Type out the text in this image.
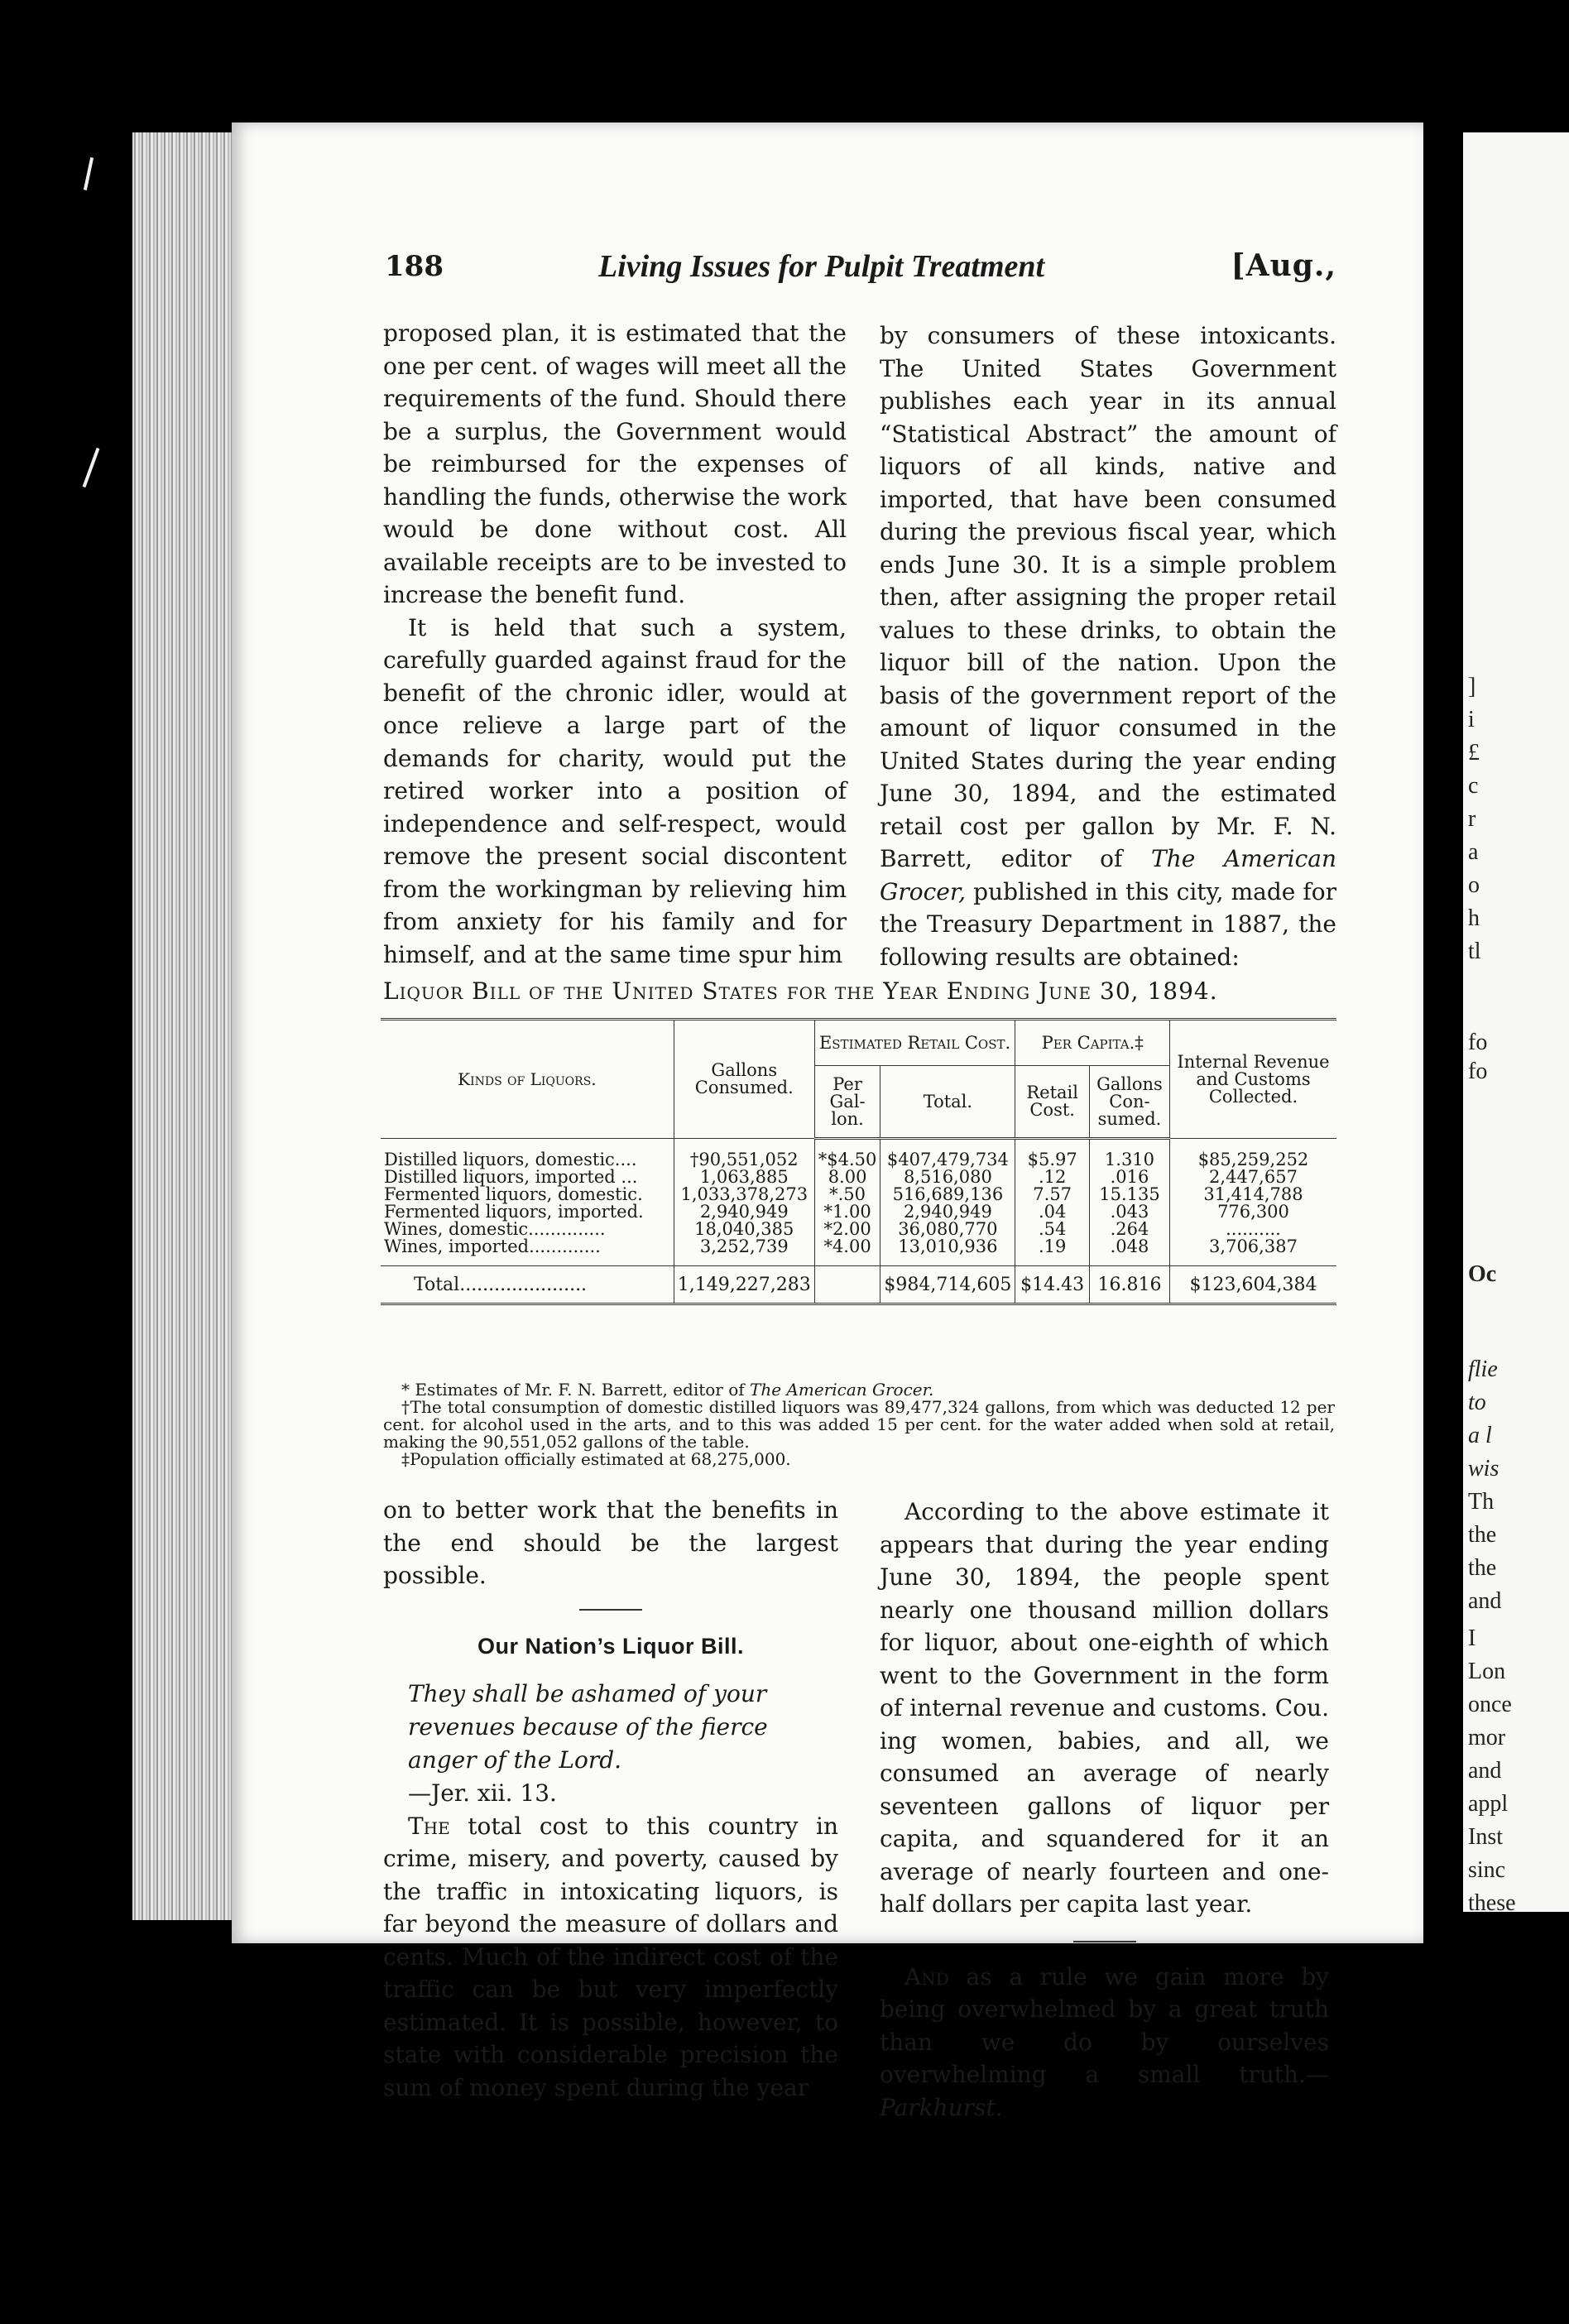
]
i
£
c
r
a
o
h
tl
fo
fo
Oc
flie
to
a l
wis
Th
the
the
and
I
Lon
once
mor
and
appl
Inst
sinc
these
188	Living Issues for Pulpit Treatment	[Aug.,

proposed plan, it is estimated that the one per cent. of wages will meet all the requirements of the fund. Should there be a surplus, the Government would be reimbursed for the expenses of handling the funds, otherwise the work would be done without cost. All available receipts are to be invested to increase the benefit fund.

It is held that such a system, carefully guarded against fraud for the benefit of the chronic idler, would at once relieve a large part of the demands for charity, would put the retired worker into a position of independence and self-respect, would remove the present social discontent from the workingman by relieving him from anxiety for his family and for himself, and at the same time spur him

by consumers of these intoxicants. The United States Government publishes each year in its annual “Statistical Abstract” the amount of liquors of all kinds, native and imported, that have been consumed during the previous fiscal year, which ends June 30. It is a simple problem then, after assigning the proper retail values to these drinks, to obtain the liquor bill of the nation. Upon the basis of the government report of the amount of liquor consumed in the United States during the year ending June 30, 1894, and the estimated retail cost per gallon by Mr. F. N. Barrett, editor of The American Grocer, published in this city, made for the Treasury Department in 1887, the following results are obtained:

Liquor Bill of the United States for the Year Ending June 30, 1894.
Kinds of Liquors.	Gallons Consumed.	Estimated Retail Cost.		Per Capita.‡		Internal Revenue and Customs Collected.
		Per Gal-lon.	Total.	Retail Cost.	Gallons Con-sumed.	
Distilled liquors, domestic....	†90,551,052	*$4.50	$407,479,734	$5.97	1.310	$85,259,252
Distilled liquors, imported ...	1,063,885	8.00	8,516,080	.12	.016	2,447,657
Fermented liquors, domestic.	1,033,378,273	*.50	516,689,136	7.57	15.135	31,414,788
Fermented liquors, imported.	2,940,949	*1.00	2,940,949	.04	.043	776,300
Wines, domestic..............	18,040,385	*2.00	36,080,770	.54	.264	..........
Wines, imported.............	3,252,739	*4.00	13,010,936	.19	.048	3,706,387
Total......................	1,149,227,283		$984,714,605	$14.43	16.816	$123,604,384

* Estimates of Mr. F. N. Barrett, editor of The American Grocer.

†The total consumption of domestic distilled liquors was 89,477,324 gallons, from which was deducted 12 per cent. for alcohol used in the arts, and to this was added 15 per cent. for the water added when sold at retail, making the 90,551,052 gallons of the table.

‡Population officially estimated at 68,275,000.

on to better work that the benefits in the end should be the largest possible.

Our Nation’s Liquor Bill.

They shall be ashamed of your revenues because of the fierce anger of the Lord.

—Jer. xii. 13.

The total cost to this country in crime, misery, and poverty, caused by the traffic in intoxicating liquors, is far beyond the measure of dollars and cents. Much of the indirect cost of the traffic can be but very imperfectly estimated. It is possible, however, to state with considerable precision the sum of money spent during the year

According to the above estimate it appears that during the year ending June 30, 1894, the people spent nearly one thousand million dollars for liquor, about one-eighth of which went to the Government in the form of internal revenue and customs. Cou. ing women, babies, and all, we consumed an average of nearly seventeen gallons of liquor per capita, and squandered for it an average of nearly fourteen and one-half dollars per capita last year.

And as a rule we gain more by being overwhelmed by a great truth than we do by ourselves overwhelming a small truth.—Parkhurst.
